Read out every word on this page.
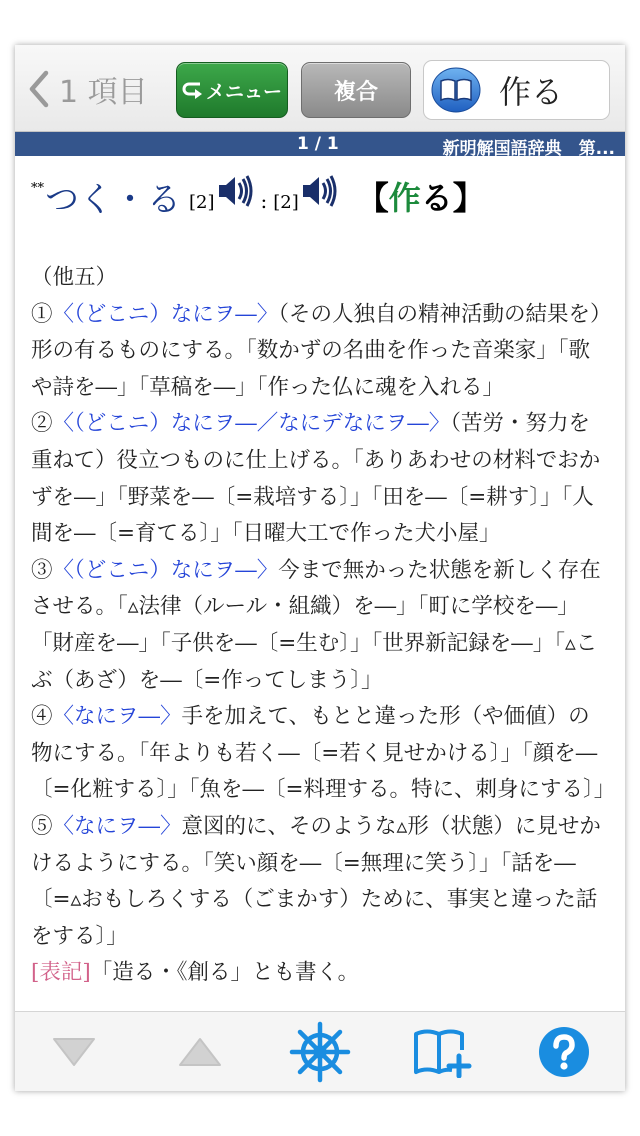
1 項目	メニュー 複合	作る
1 / 1	新明解国語辞典　第...
** つく・る [2] : [2] 【作る】

（他五）

①〈（どこニ）なにヲ―〉（その人独自の精神活動の結果を）形の有るものにする。「数かずの名曲を作った音楽家」「歌や詩を―」「草稿を―」「作った仏に魂を入れる」

②〈（どこニ）なにヲ―／なにデなにヲ―〉（苦労・努力を重ねて）役立つものに仕上げる。「ありあわせの材料でおかずを―」「野菜を―〔=栽培する〕」「田を―〔=耕す〕」「人間を―〔=育てる〕」「日曜大工で作った犬小屋」

③〈（どこニ）なにヲ―〉今まで無かった状態を新しく存在させる。「▵法律（ルール・組織）を―」「町に学校を―」「財産を―」「子供を―〔=生む〕」「世界新記録を―」「▵こぶ（あざ）を―〔=作ってしまう〕」

④〈なにヲ―〉手を加えて、もとと違った形（や価値）の物にする。「年よりも若く―〔=若く見せかける〕」「顔を―〔=化粧する〕」「魚を―〔=料理する。特に、刺身にする〕」

⑤〈なにヲ―〉意図的に、そのような▵形（状態）に見せかけるようにする。「笑い顔を―〔=無理に笑う〕」「話を―〔=▵おもしろくする（ごまかす）ために、事実と違った話をする〕」

[表記]「造る・《創る」とも書く。
